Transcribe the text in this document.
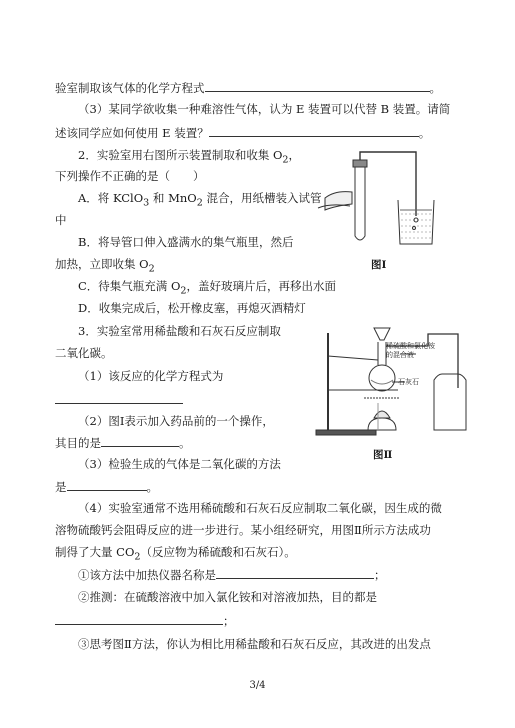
验室制取该气体的化学方程式	。
（3）某同学欲收集一种难溶性气体，认为 E 装置可以代替 B 装置。请简
述该同学应如何使用 E 装置？	。
2．实验室用右图所示装置制取和收集 $O_2$，
下列操作不正确的是（　　）
A．将 KClO$_3$ 和 MnO$_2$ 混合，用纸槽装入试管
中
B．将导管口伸入盛满水的集气瓶里，然后
加热，立即收集 $O_2$
C．待集气瓶充满 $O_2$，盖好玻璃片后，再移出水面
D．收集完成后，松开橡皮塞，再熄灭酒精灯
3．实验室常用稀盐酸和石灰石反应制取
二氧化碳。
（1）该反应的化学方程式为
（2）图Ⅰ表示加入药品前的一个操作，
其目的是	。
（3）检验生成的气体是二氧化碳的方法
是	。
（4）实验室通常不选用稀硫酸和石灰石反应制取二氧化碳，因生成的微
溶物硫酸钙会阻碍反应的进一步进行。某小组经研究，用图Ⅱ所示方法成功
制得了大量 $CO_2$（反应物为稀硫酸和石灰石）。
①该方法中加热仪器名称是	；
②推测：在硫酸溶液中加入氯化铵和对溶液加热，目的都是
；
③思考图Ⅱ方法，你认为相比用稀盐酸和石灰石反应，其改进的出发点
图Ⅰ
稀硫酸和氯化铵
的混合液
石灰石
图Ⅱ
3/4
